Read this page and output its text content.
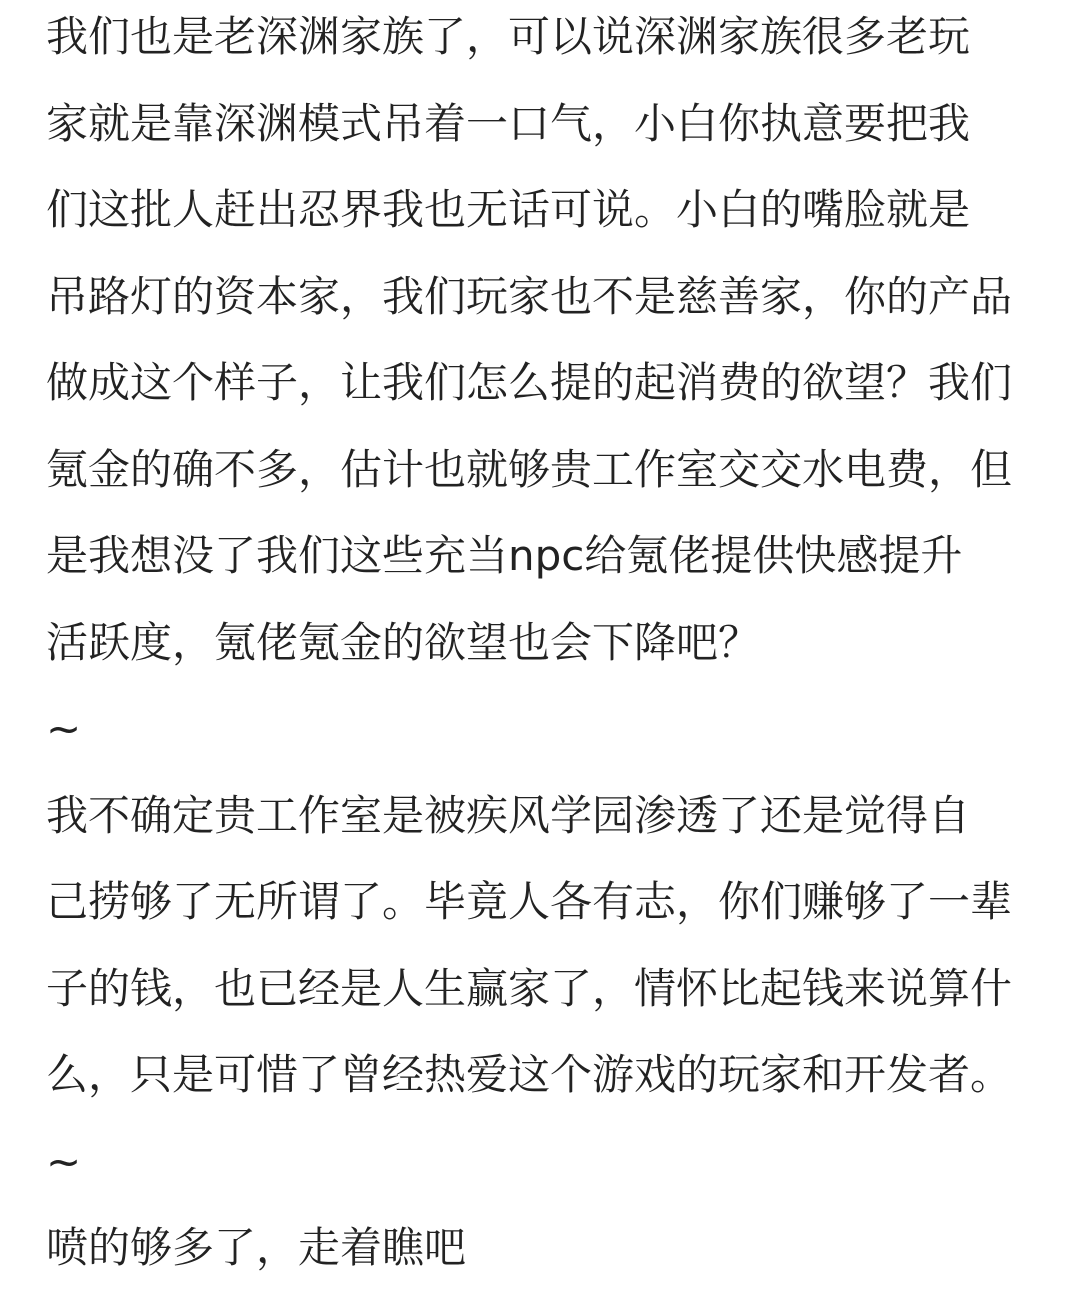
我们也是老深渊家族了，可以说深渊家族很多老玩
家就是靠深渊模式吊着一口气，小白你执意要把我
们这批人赶出忍界我也无话可说。小白的嘴脸就是
吊路灯的资本家，我们玩家也不是慈善家，你的产品
做成这个样子，让我们怎么提的起消费的欲望？我们
氪金的确不多，估计也就够贵工作室交交水电费，但
是我想没了我们这些充当npc给氪佬提供快感提升
活跃度，氪佬氪金的欲望也会下降吧？
~
我不确定贵工作室是被疾风学园渗透了还是觉得自
己捞够了无所谓了。毕竟人各有志，你们赚够了一辈
子的钱，也已经是人生赢家了，情怀比起钱来说算什
么，只是可惜了曾经热爱这个游戏的玩家和开发者。
~
喷的够多了，走着瞧吧
